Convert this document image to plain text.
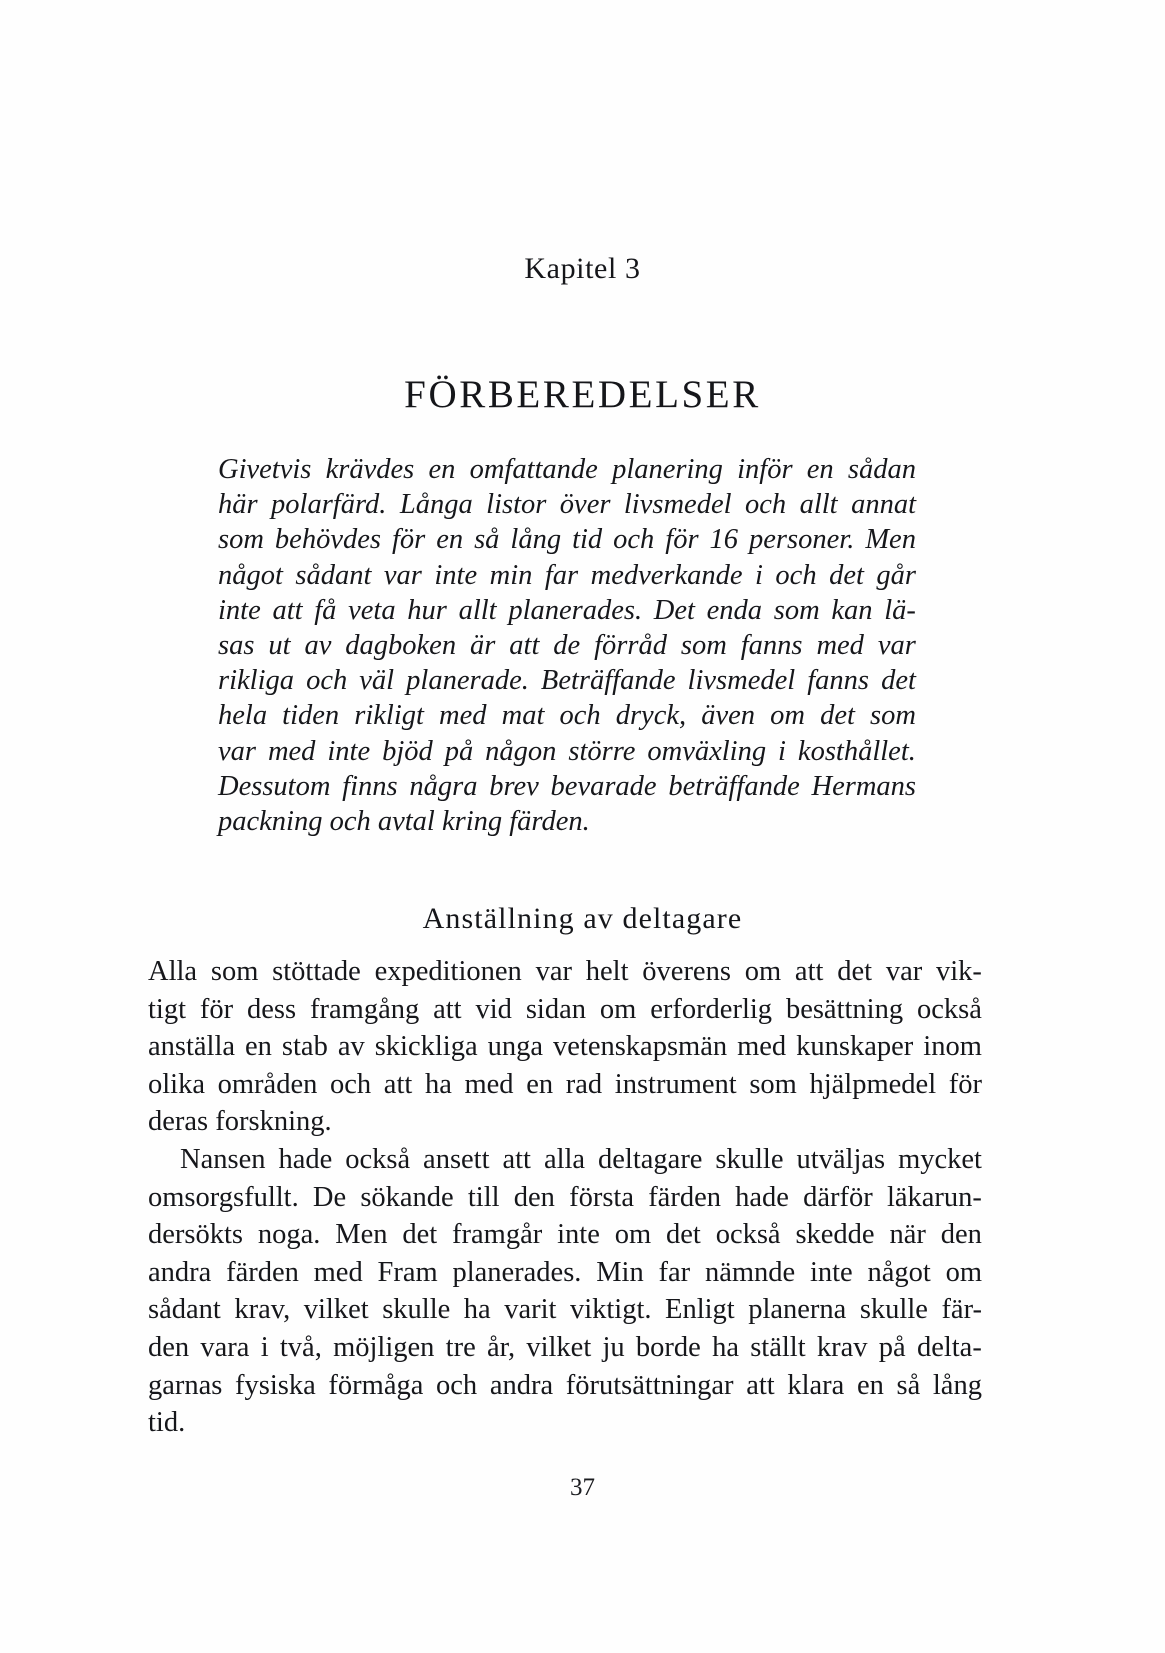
Kapitel 3
FÖRBEREDELSER
Givetvis krävdes en omfattande planering inför en sådan
här polarfärd. Långa listor över livsmedel och allt annat
som behövdes för en så lång tid och för 16 personer. Men
något sådant var inte min far medverkande i och det går
inte att få veta hur allt planerades. Det enda som kan lä-
sas ut av dagboken är att de förråd som fanns med var
rikliga och väl planerade. Beträffande livsmedel fanns det
hela tiden rikligt med mat och dryck, även om det som
var med inte bjöd på någon större omväxling i kosthållet.
Dessutom finns några brev bevarade beträffande Hermans
packning och avtal kring färden.
Anställning av deltagare
Alla som stöttade expeditionen var helt överens om att det var vik-
tigt för dess framgång att vid sidan om erforderlig besättning också
anställa en stab av skickliga unga vetenskapsmän med kunskaper inom
olika områden och att ha med en rad instrument som hjälpmedel för
deras forskning.
Nansen hade också ansett att alla deltagare skulle utväljas mycket
omsorgsfullt. De sökande till den första färden hade därför läkarun-
dersökts noga. Men det framgår inte om det också skedde när den
andra färden med Fram planerades. Min far nämnde inte något om
sådant krav, vilket skulle ha varit viktigt. Enligt planerna skulle fär-
den vara i två, möjligen tre år, vilket ju borde ha ställt krav på delta-
garnas fysiska förmåga och andra förutsättningar att klara en så lång
tid.
37
